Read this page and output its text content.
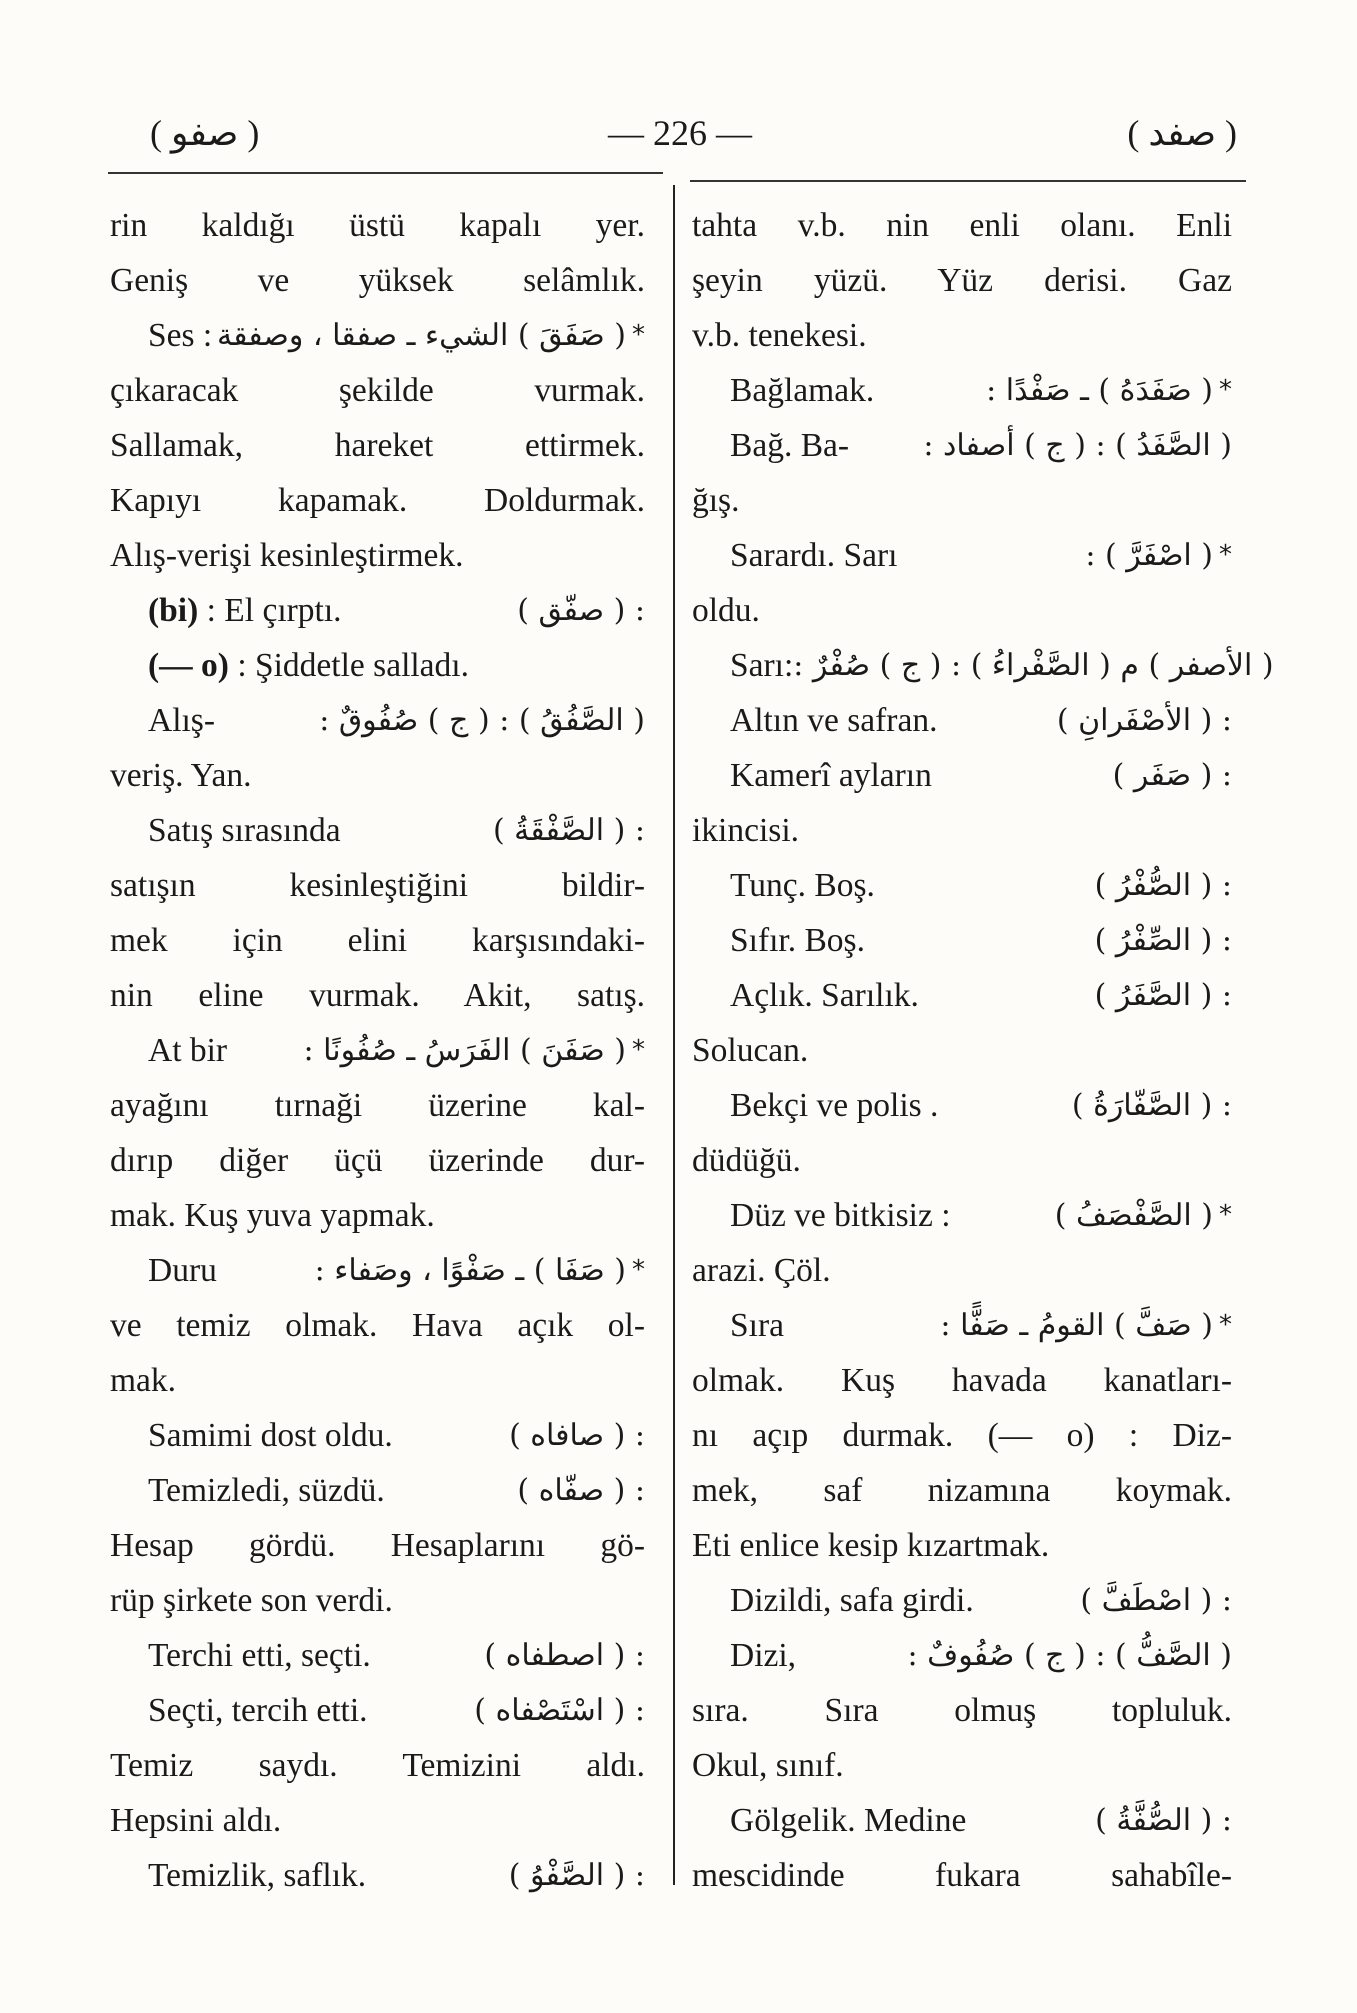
( صفو )	— 226 —	( صفد )
rin kaldığı üstü kapalı yer.
Geniş ve yüksek selâmlık.
Ses : ( صَفَقَ ) الشيء ـ صفقا ، وصفقة *
çıkaracak şekilde vurmak.
Sallamak, hareket ettirmek.
Kapıyı kapamak. Doldurmak.
Alış-verişi kesinleştirmek.
(bi) : El çırptı.	: ( صفّق )
(— o) : Şiddetle salladı.
Alış-	( الصَّفُقُ ) : ( ج ) صُفُوقٌ :
veriş. Yan.
Satış sırasında	: ( الصَّفْقَةُ )
satışın kesinleştiğini bildir-
mek için elini karşısındaki-
nin eline vurmak. Akit, satış.
At bir	( صَفَنَ ) الفَرَسُ ـ صُفُونًا : *
ayağını tırnaği üzerine kal-
dırıp diğer üçü üzerinde dur-
mak. Kuş yuva yapmak.
Duru	( صَفَا ) ـ صَفْوًا ، وصَفاء : *
ve temiz olmak. Hava açık ol-
mak.
Samimi dost oldu.	: ( صافاه )
Temizledi, süzdü.	: ( صفّاه )
Hesap gördü. Hesaplarını gö-
rüp şirkete son verdi.
Terchi etti, seçti.	: ( اصطفاه )
Seçti, tercih etti.	: ( اسْتَصْفاه )
Temiz saydı. Temizini aldı.
Hepsini aldı.
Temizlik, saflık.	: ( الصَّفْوُ )
tahta v.b. nin enli olanı. Enli
şeyin yüzü. Yüz derisi. Gaz
v.b. tenekesi.
Bağlamak.	( صَفَدَهُ ) ـ صَفْدًا : *
Bağ. Ba- ( الصَّفَدُ ) : ( ج ) أصفاد :
ğış.
Sarardı. Sarı	( اصْفَرَّ ) : *
oldu.
Sarı: ( الأصفر ) م ( الصَّفْراءُ ) : ( ج ) صُفْرٌ :
Altın ve safran.	: ( الأصْفَرانِ )
Kamerî ayların	: ( صَفَر )
ikincisi.
Tunç. Boş.	: ( الصُّفْرُ )
Sıfır. Boş.	: ( الصِّفْرُ )
Açlık. Sarılık.	: ( الصَّفَرُ )
Solucan.
Bekçi ve polis .	: ( الصَّفّارَةُ )
düdüğü.
Düz ve bitkisiz :	( الصَّفْصَفُ ) *
arazi. Çöl.
Sıra	( صَفَّ ) القومُ ـ صَفًّا : *
olmak. Kuş havada kanatları-
nı açıp durmak. (— o) : Diz-
mek, saf nizamına koymak.
Eti enlice kesip kızartmak.
Dizildi, safa girdi.	: ( اصْطَفَّ )
Dizi,	( الصَّفُّ ) : ( ج ) صُفُوفٌ :
sıra. Sıra olmuş topluluk.
Okul, sınıf.
Gölgelik. Medine	: ( الصُّفَّةُ )
mescidinde fukara sahabîle-
